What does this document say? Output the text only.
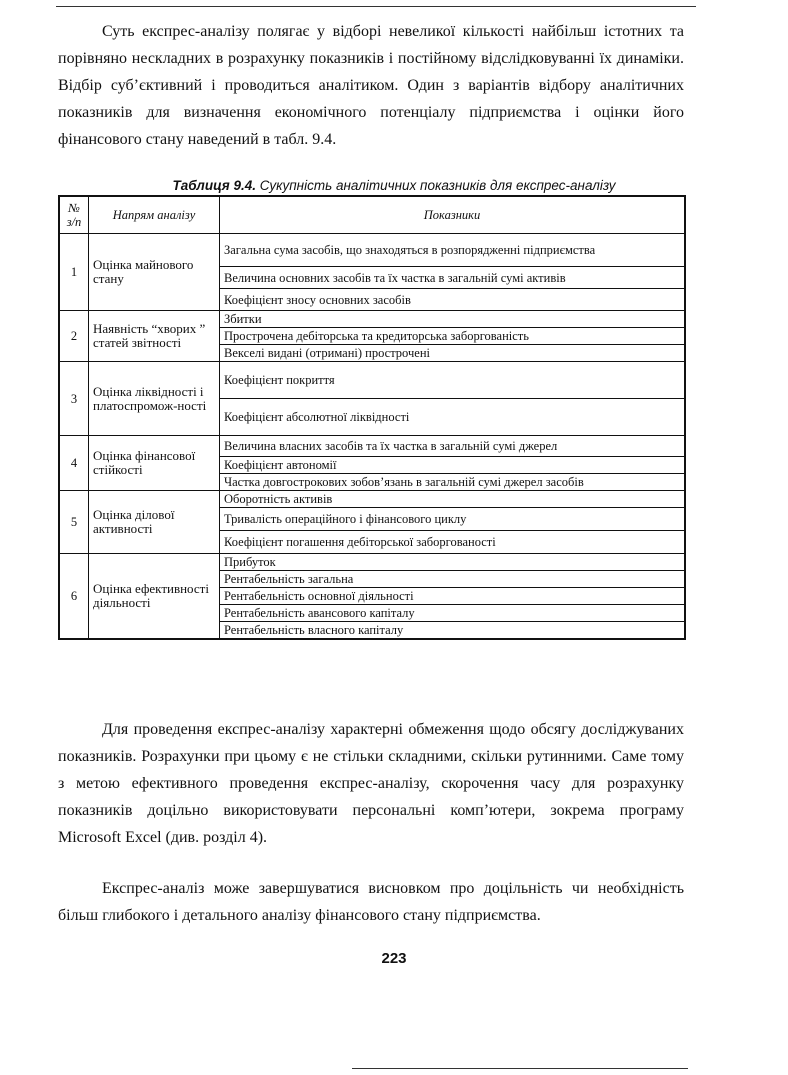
Суть експрес-аналізу полягає у відборі невеликої кількості найбільш істотних та порівняно нескладних в розрахунку показників і постійному відслідковуванні їх динаміки. Відбір суб’єктивний і проводиться аналітиком. Один з варіантів відбору аналітичних показників для визначення економічного потенціалу підприємства і оцінки його фінансового стану наведений в табл. 9.4.

Таблиця 9.4. Сукупність аналітичних показників для експрес-аналізу
№ з/п	Напрям аналізу	Показники
1	Оцінка майнового стану	Загальна сума засобів, що знаходяться в розпорядженні підприємства
		Величина основних засобів та їх частка в загальній сумі активів
		Коефіцієнт зносу основних засобів
2	Наявність “хворих ” статей звітності	Збитки
		Прострочена дебіторська та кредиторська заборгованість
		Векселі видані (отримані) прострочені
3	Оцінка ліквідності і платоспромож-ності	Коефіцієнт покриття
		Коефіцієнт абсолютної ліквідності
4	Оцінка фінансової стійкості	Величина власних засобів та їх частка в загальній сумі джерел
		Коефіцієнт автономії
		Частка довгострокових зобов’язань в загальній сумі джерел засобів
5	Оцінка ділової активності	Оборотність активів
		Тривалість операційного і фінансового циклу
		Коефіцієнт погашення дебіторської заборгованості
6	Оцінка ефективності діяльності	Прибуток
		Рентабельність загальна
		Рентабельність основної діяльності
		Рентабельність авансового капіталу
		Рентабельність власного капіталу

Для проведення експрес-аналізу характерні обмеження щодо обсягу досліджуваних показників. Розрахунки при цьому є не стільки складними, скільки рутинними. Саме тому з метою ефективного проведення експрес-аналізу, скорочення часу для розрахунку показників доцільно використовувати персональні комп’ютери, зокрема програму Microsoft Excel (див. розділ 4).

Експрес-аналіз може завершуватися висновком про доцільність чи необхідність більш глибокого і детального аналізу фінансового стану підприємства.

223
